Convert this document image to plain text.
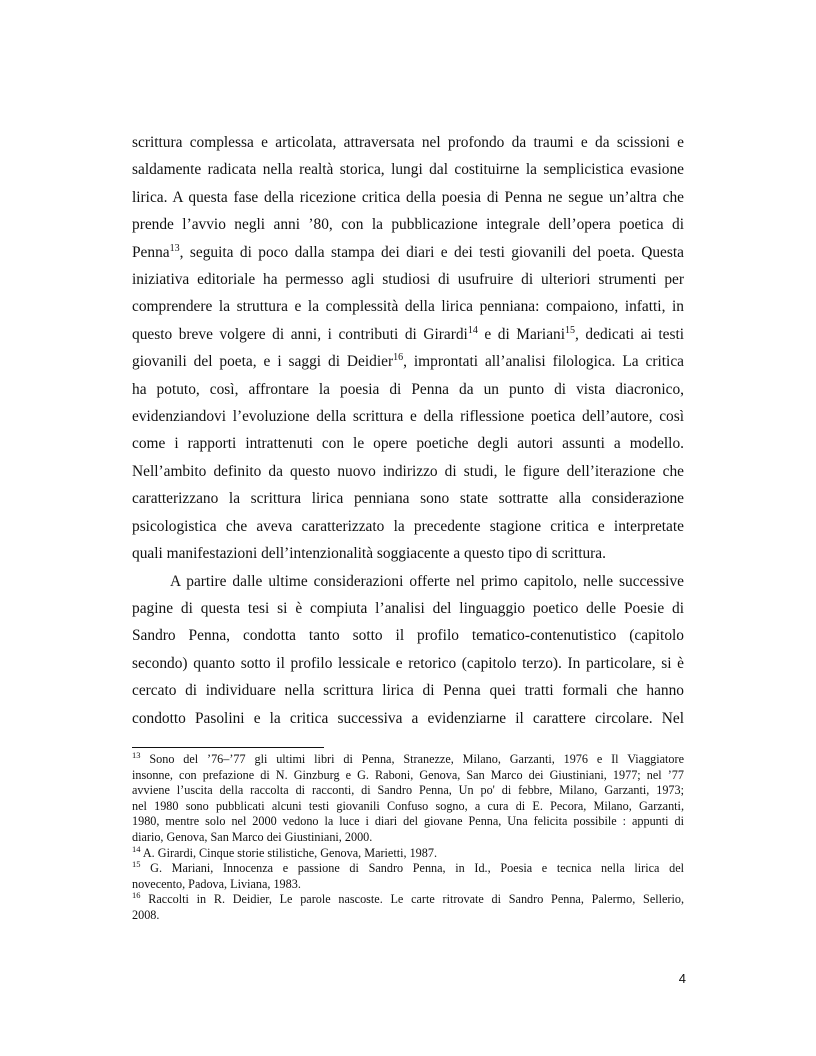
scrittura complessa e articolata, attraversata nel profondo da traumi e da scissioni e
saldamente radicata nella realtà storica, lungi dal costituirne la semplicistica evasione
lirica. A questa fase della ricezione critica della poesia di Penna ne segue un’altra che
prende l’avvio negli anni ’80, con la pubblicazione integrale dell’opera poetica di
Penna$^{13}$, seguita di poco dalla stampa dei diari e dei testi giovanili del poeta. Questa
iniziativa editoriale ha permesso agli studiosi di usufruire di ulteriori strumenti per
comprendere la struttura e la complessità della lirica penniana: compaiono, infatti, in
questo breve volgere di anni, i contributi di Girardi$^{14}$ e di Mariani$^{15}$, dedicati ai testi
giovanili del poeta, e i saggi di Deidier$^{16}$, improntati all’analisi filologica. La critica
ha potuto, così, affrontare la poesia di Penna da un punto di vista diacronico,
evidenziandovi l’evoluzione della scrittura e della riflessione poetica dell’autore, così
come i rapporti intrattenuti con le opere poetiche degli autori assunti a modello.
Nell’ambito definito da questo nuovo indirizzo di studi, le figure dell’iterazione che
caratterizzano la scrittura lirica penniana sono state sottratte alla considerazione
psicologistica che aveva caratterizzato la precedente stagione critica e interpretate
quali manifestazioni dell’intenzionalità soggiacente a questo tipo di scrittura.
A partire dalle ultime considerazioni offerte nel primo capitolo, nelle successive
pagine di questa tesi si è compiuta l’analisi del linguaggio poetico delle Poesie di
Sandro Penna, condotta tanto sotto il profilo tematico-contenutistico (capitolo
secondo) quanto sotto il profilo lessicale e retorico (capitolo terzo). In particolare, si è
cercato di individuare nella scrittura lirica di Penna quei tratti formali che hanno
condotto Pasolini e la critica successiva a evidenziarne il carattere circolare. Nel
$^{13}$ Sono del ’76–’77 gli ultimi libri di Penna, Stranezze, Milano, Garzanti, 1976 e Il Viaggiatore
insonne, con prefazione di N. Ginzburg e G. Raboni, Genova, San Marco dei Giustiniani, 1977; nel ’77
avviene l’uscita della raccolta di racconti, di Sandro Penna, Un po' di febbre, Milano, Garzanti, 1973;
nel 1980 sono pubblicati alcuni testi giovanili Confuso sogno, a cura di E. Pecora, Milano, Garzanti,
1980, mentre solo nel 2000 vedono la luce i diari del giovane Penna, Una felicita possibile : appunti di
diario, Genova, San Marco dei Giustiniani, 2000.
$^{14}$ A. Girardi, Cinque storie stilistiche, Genova, Marietti, 1987.
$^{15}$ G. Mariani, Innocenza e passione di Sandro Penna, in Id., Poesia e tecnica nella lirica del
novecento, Padova, Liviana, 1983.
$^{16}$ Raccolti in R. Deidier, Le parole nascoste. Le carte ritrovate di Sandro Penna, Palermo, Sellerio,
2008.
4
